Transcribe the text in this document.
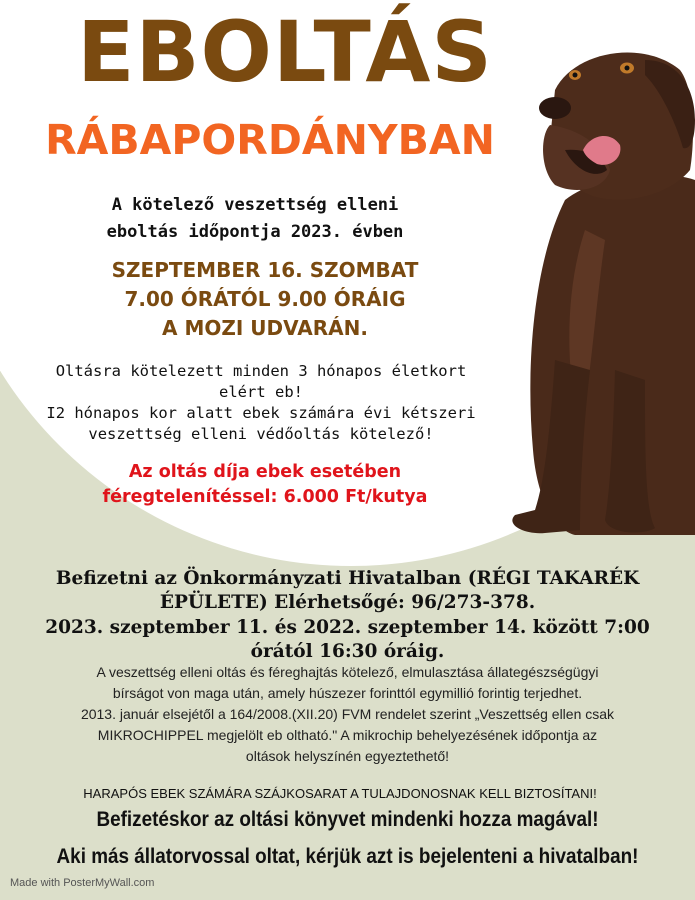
EBOLTÁS
RÁBAPORDÁNYBAN
A kötelező veszettség elleni
eboltás időpontja 2023. évben
SZEPTEMBER 16. SZOMBAT
7.00 ÓRÁTÓL 9.00 ÓRÁIG
A MOZI UDVARÁN.
Oltásra kötelezett minden 3 hónapos életkort
elért eb!
I2 hónapos kor alatt ebek számára évi kétszeri
veszettség elleni védőoltás kötelező!
Az oltás díja ebek esetében
féregtelenítéssel: 6.000 Ft/kutya
Befizetni az Önkormányzati Hivatalban (RÉGI TAKARÉK
ÉPÜLETE) Elérhetsőgé: 96/273-378.
2023. szeptember 11. és 2022. szeptember 14. között 7:00
órától 16:30 óráig.
A veszettség elleni oltás és féreghajtás kötelező, elmulasztása állategészségügyi
bírságot von maga után, amely húszezer forinttól egymillió forintig terjedhet.
2013. január elsejétől a 164/2008.(XII.20) FVM rendelet szerint „Veszettség ellen csak
MIKROCHIPPEL megjelölt eb oltható." A mikrochip behelyezésének időpontja az
oltások helyszínén egyeztethető!
HARAPÓS EBEK SZÁMÁRA SZÁJKOSARAT A TULAJDONOSNAK KELL BIZTOSÍTANI!
Befizetéskor az oltási könyvet mindenki hozza magával!
Aki más állatorvossal oltat, kérjük azt is bejelenteni a hivatalban!
Made with PosterMyWall.com
